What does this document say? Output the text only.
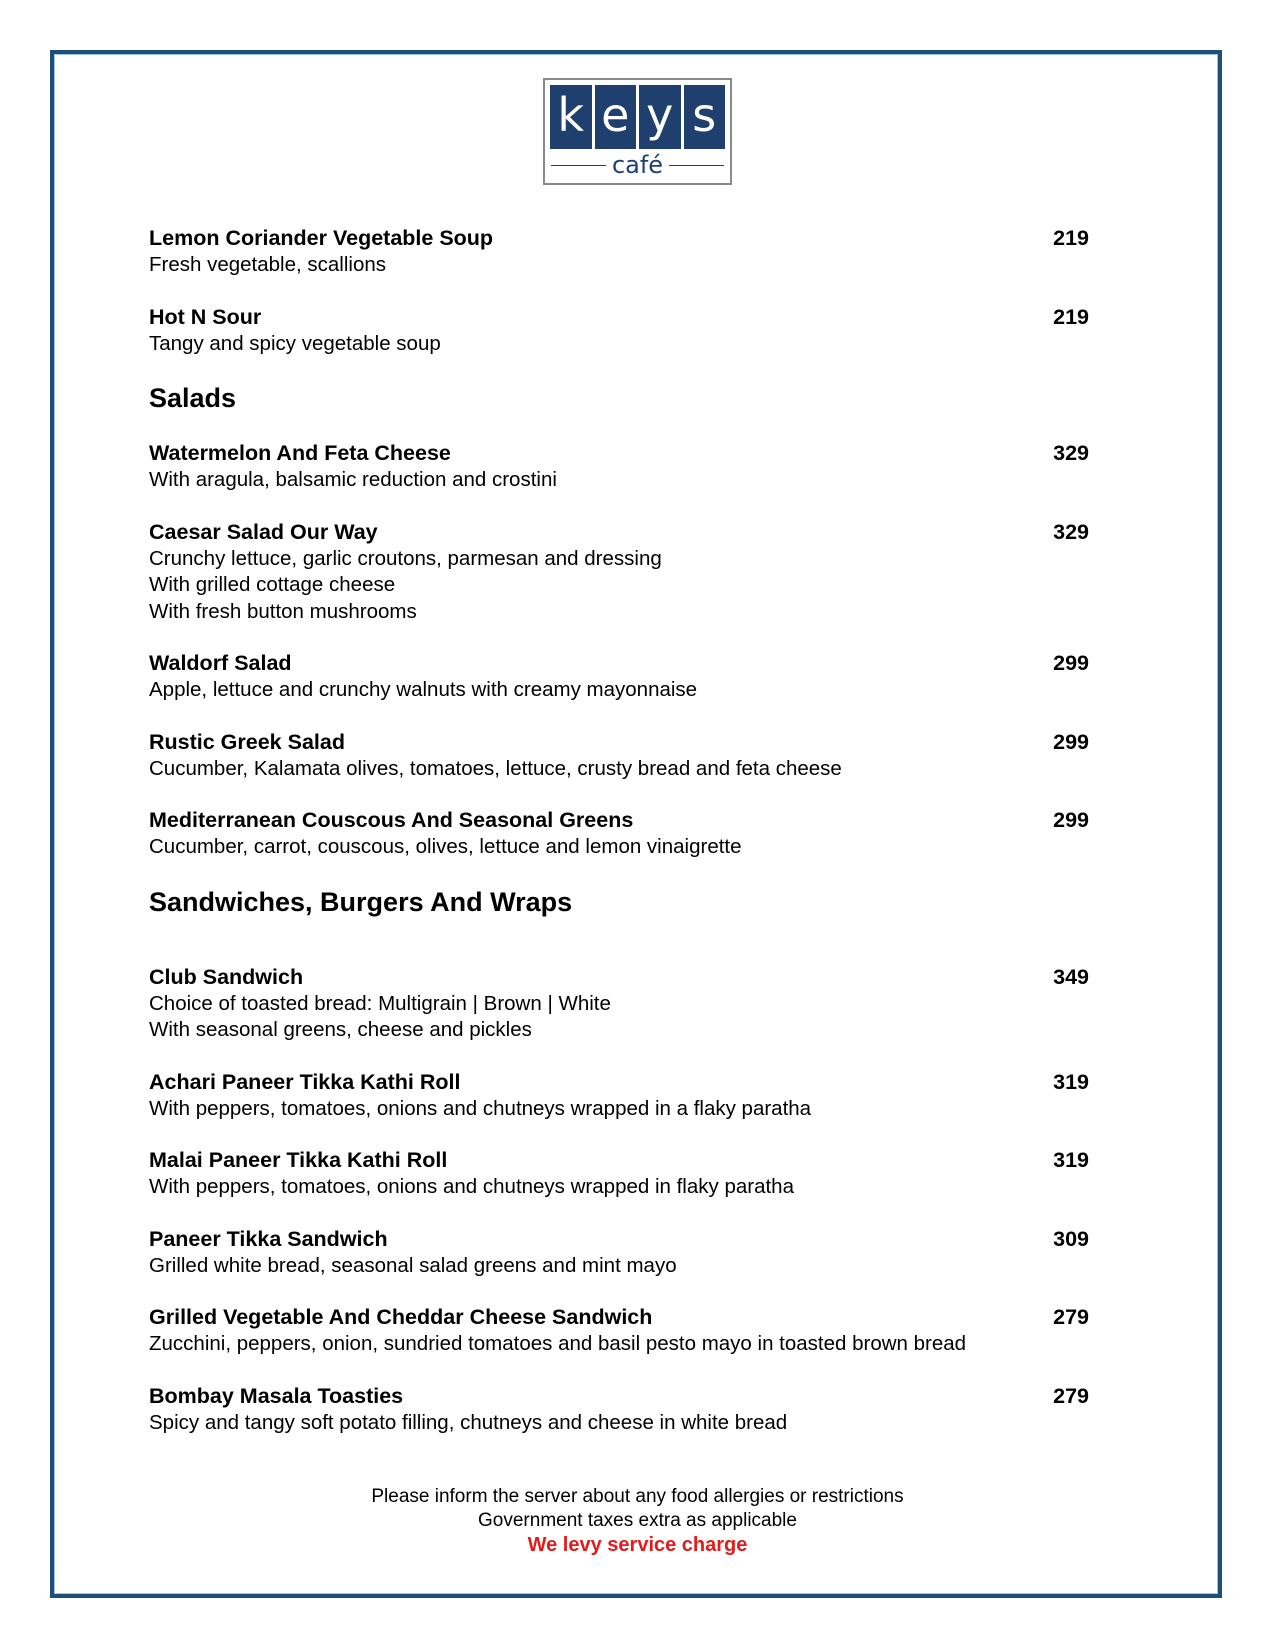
k e y s
café
Lemon Coriander Vegetable Soup	219
Fresh vegetable, scallions
Hot N Sour	219
Tangy and spicy vegetable soup
Salads
Watermelon And Feta Cheese	329
With aragula, balsamic reduction and crostini
Caesar Salad Our Way	329
Crunchy lettuce, garlic croutons, parmesan and dressing
With grilled cottage cheese
With fresh button mushrooms
Waldorf Salad	299
Apple, lettuce and crunchy walnuts with creamy mayonnaise
Rustic Greek Salad	299
Cucumber, Kalamata olives, tomatoes, lettuce, crusty bread and feta cheese
Mediterranean Couscous And Seasonal Greens	299
Cucumber, carrot, couscous, olives, lettuce and lemon vinaigrette
Sandwiches, Burgers And Wraps
Club Sandwich	349
Choice of toasted bread: Multigrain | Brown | White
With seasonal greens, cheese and pickles
Achari Paneer Tikka Kathi Roll	319
With peppers, tomatoes, onions and chutneys wrapped in a flaky paratha
Malai Paneer Tikka Kathi Roll	319
With peppers, tomatoes, onions and chutneys wrapped in flaky paratha
Paneer Tikka Sandwich	309
Grilled white bread, seasonal salad greens and mint mayo
Grilled Vegetable And Cheddar Cheese Sandwich	279
Zucchini, peppers, onion, sundried tomatoes and basil pesto mayo in toasted brown bread
Bombay Masala Toasties	279
Spicy and tangy soft potato filling, chutneys and cheese in white bread
Please inform the server about any food allergies or restrictions
Government taxes extra as applicable
We levy service charge
